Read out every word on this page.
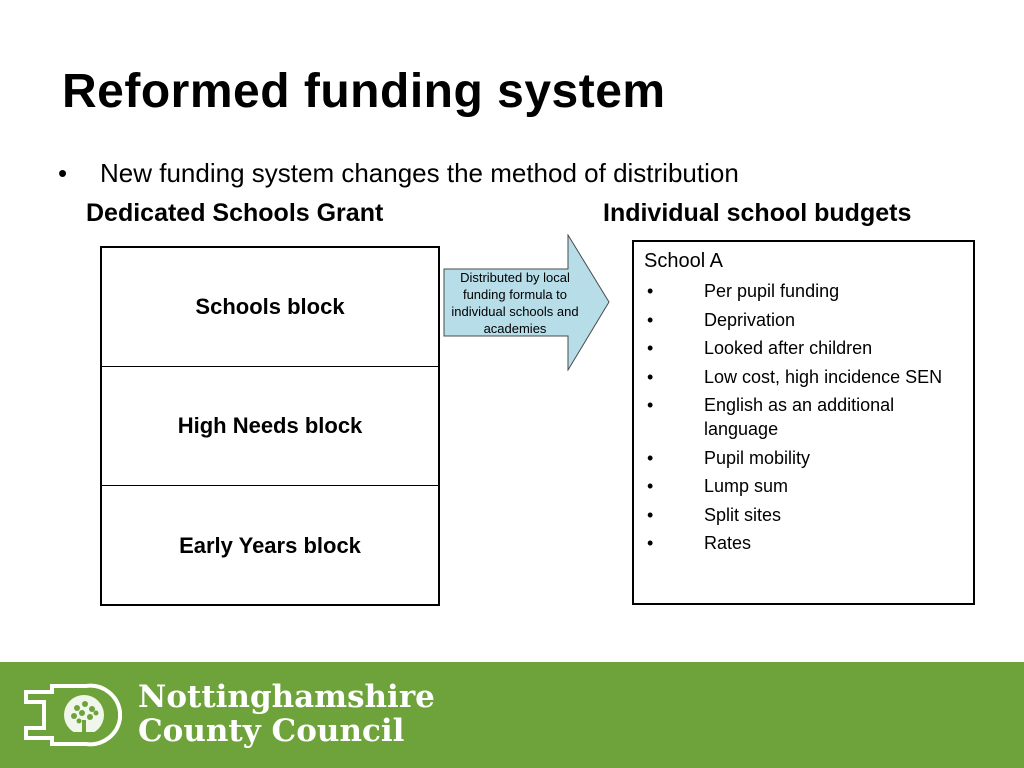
Reformed funding system
• New funding system changes the method of distribution
Dedicated Schools Grant	Individual school budgets
Schools block
High Needs block
Early Years block
Distributed by local funding formula to individual schools and academies
School A
•	Per pupil funding
•	Deprivation
•	Looked after children
•	Low cost, high incidence SEN
•	English as an additional language
•	Pupil mobility
•	Lump sum
•	Split sites
•	Rates
Nottinghamshire
County Council
